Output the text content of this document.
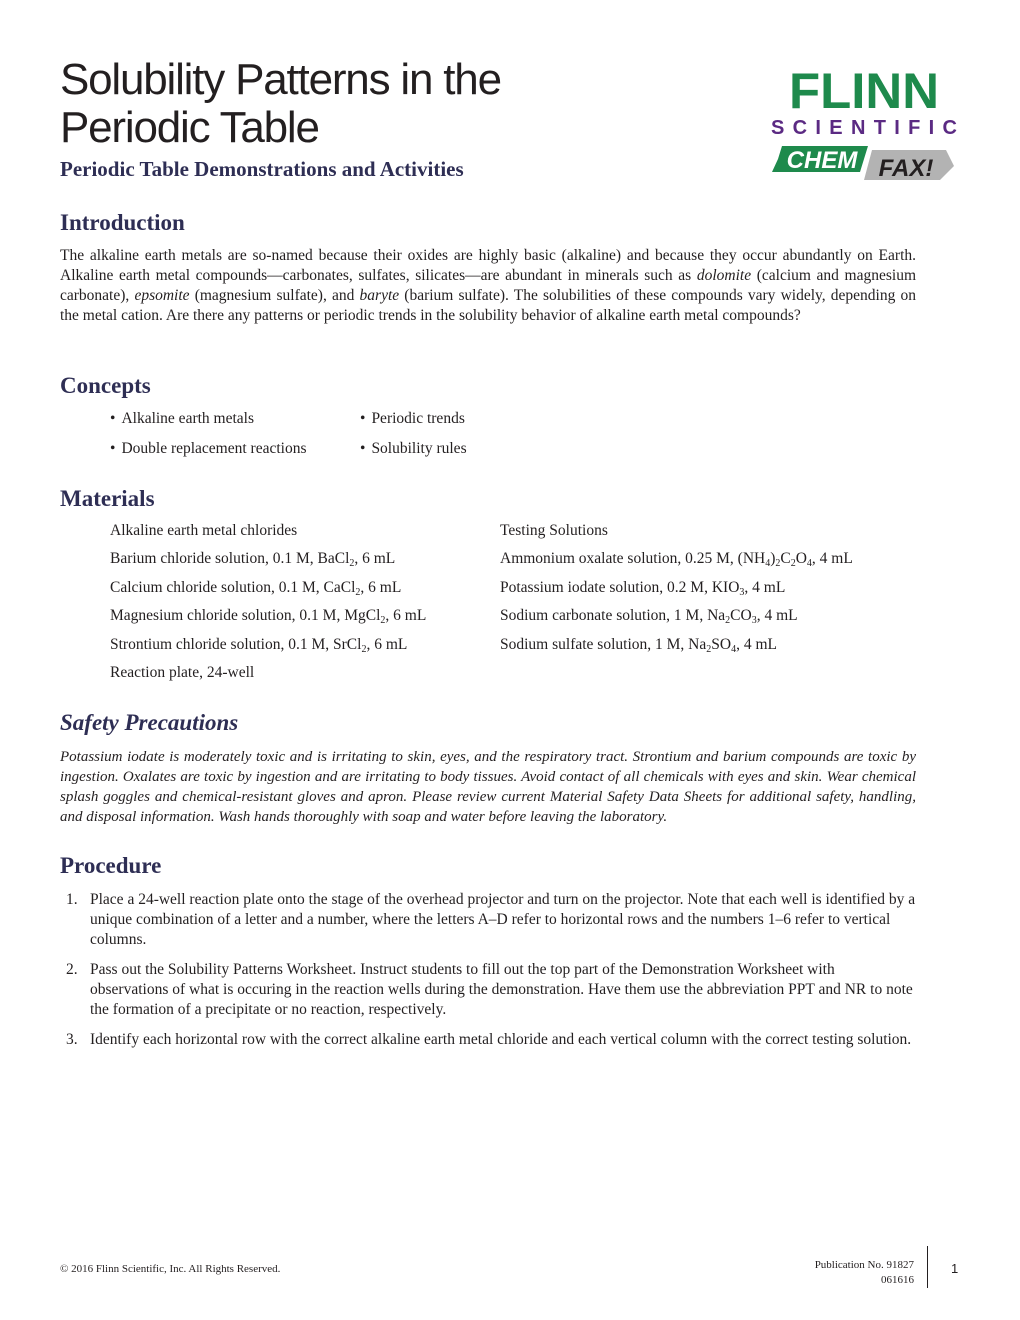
Solubility Patterns in the
Periodic Table
Periodic Table Demonstrations and Activities
FLINN
SCIENTIFIC
CHEM FAX!
Introduction

The alkaline earth metals are so-named because their oxides are highly basic (alkaline) and because they occur abundantly on Earth. Alkaline earth metal compounds—carbonates, sulfates, silicates—are abundant in minerals such as dolomite (calcium and magnesium carbonate), epsomite (magnesium sulfate), and baryte (barium sulfate). The solubilities of these compounds vary widely, depending on the metal cation. Are there any patterns or periodic trends in the solubility behavior of alkaline earth metal compounds?

Concepts
• Alkaline earth metals	• Periodic trends
• Double replacement reactions	• Solubility rules
Materials
Alkaline earth metal chlorides
Barium chloride solution, 0.1 M, BaCl$_2$, 6 mL
Calcium chloride solution, 0.1 M, CaCl$_2$, 6 mL
Magnesium chloride solution, 0.1 M, MgCl$_2$, 6 mL
Strontium chloride solution, 0.1 M, SrCl$_2$, 6 mL
Reaction plate, 24-well
Testing Solutions
Ammonium oxalate solution, 0.25 M, $(NH_4)_2C_2O_4$, 4 mL
Potassium iodate solution, 0.2 M, $KIO_3$, 4 mL
Sodium carbonate solution, 1 M, $Na_2CO_3$, 4 mL
Sodium sulfate solution, 1 M, $Na_2SO_4$, 4 mL
Safety Precautions

Potassium iodate is moderately toxic and is irritating to skin, eyes, and the respiratory tract. Strontium and barium compounds are toxic by ingestion. Oxalates are toxic by ingestion and are irritating to body tissues. Avoid contact of all chemicals with eyes and skin. Wear chemical splash goggles and chemical-resistant gloves and apron. Please review current Material Safety Data Sheets for additional safety, handling, and disposal information. Wash hands thoroughly with soap and water before leaving the laboratory.

Procedure
1. Place a 24-well reaction plate onto the stage of the overhead projector and turn on the projector. Note that each well is identified by a unique combination of a letter and a number, where the letters A–D refer to horizontal rows and the numbers 1–6 refer to vertical columns.
2. Pass out the Solubility Patterns Worksheet. Instruct students to fill out the top part of the Demonstration Worksheet with observations of what is occuring in the reaction wells during the demonstration. Have them use the abbreviation PPT and NR to note the formation of a precipitate or no reaction, respectively.
3. Identify each horizontal row with the correct alkaline earth metal chloride and each vertical column with the correct testing solution.
© 2016 Flinn Scientific, Inc. All Rights Reserved.	Publication No. 91827
061616
1
